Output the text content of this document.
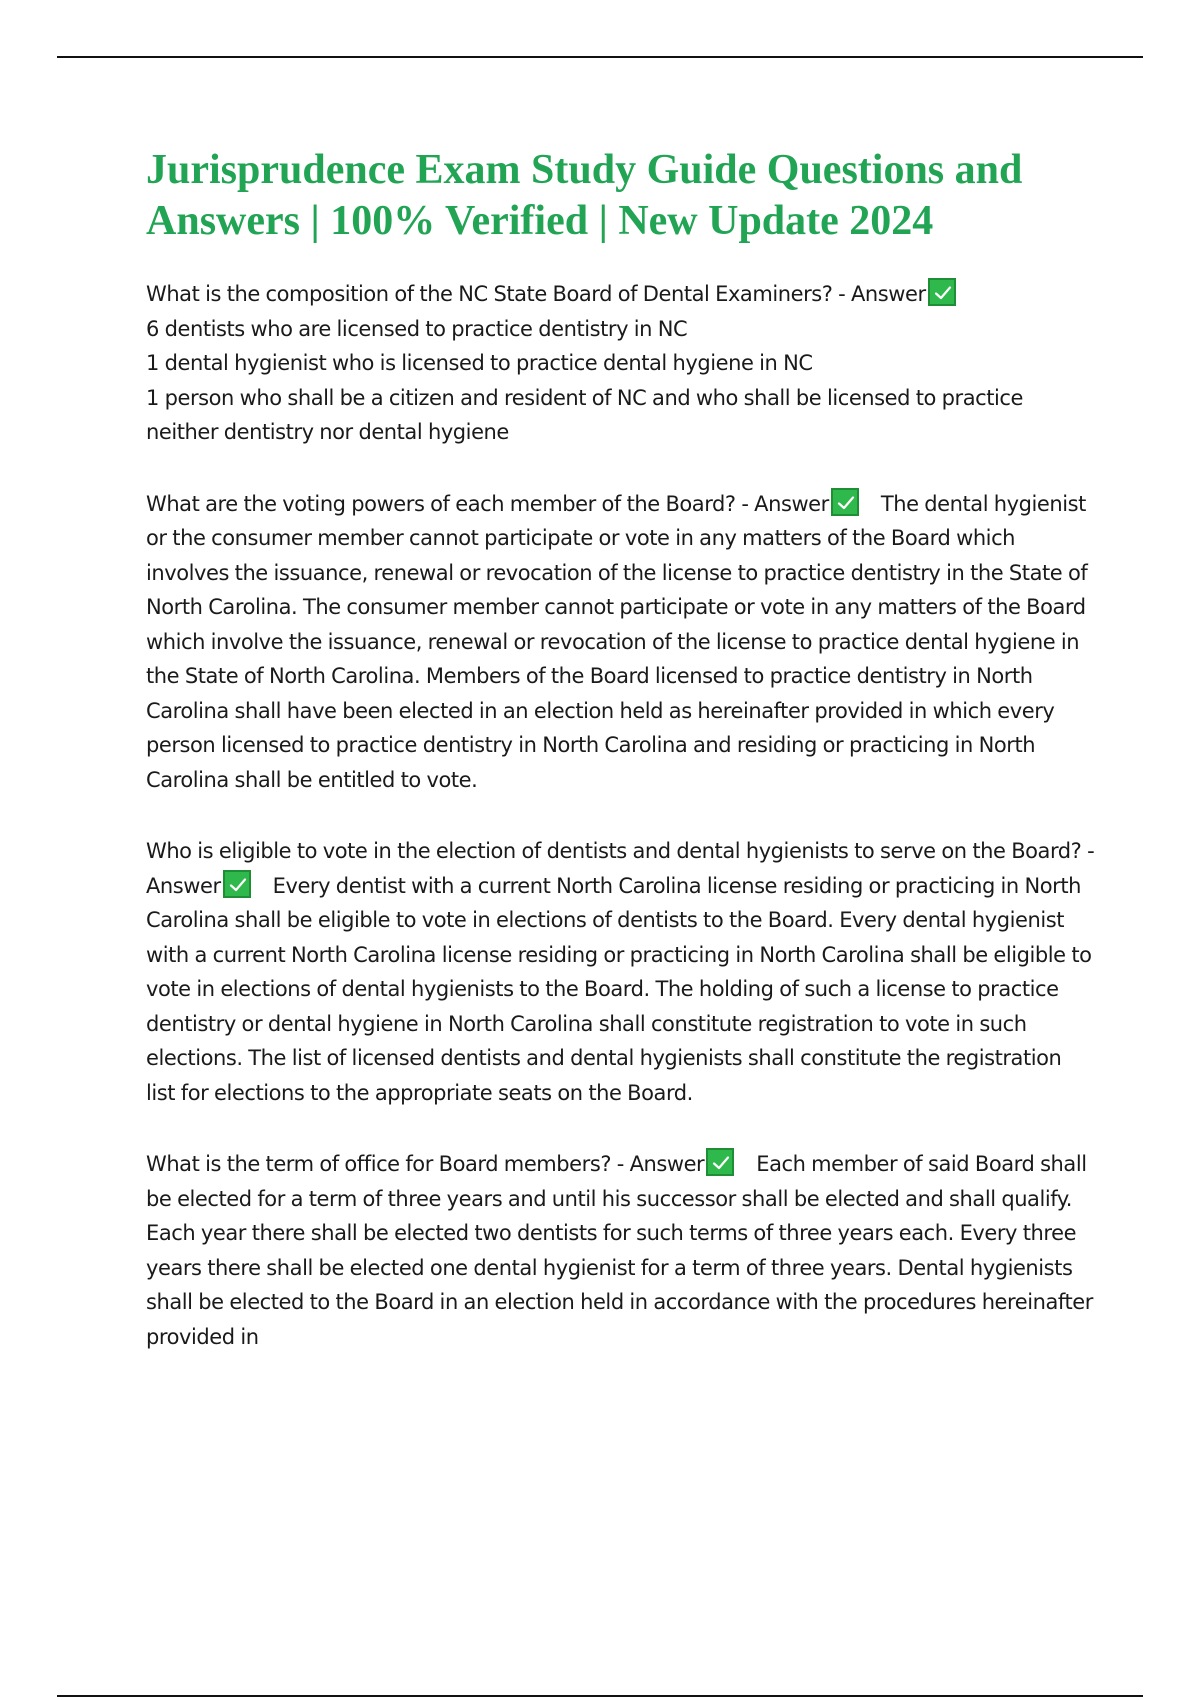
Jurisprudence Exam Study Guide Questions and Answers | 100% Verified | New Update 2024
What is the composition of the NC State Board of Dental Examiners? - Answer
6 dentists who are licensed to practice dentistry in NC
1 dental hygienist who is licensed to practice dental hygiene in NC
1 person who shall be a citizen and resident of NC and who shall be licensed to practice neither dentistry nor dental hygiene
What are the voting powers of each member of the Board? - Answer The dental hygienist or the consumer member cannot participate or vote in any matters of the Board which involves the issuance, renewal or revocation of the license to practice dentistry in the State of North Carolina. The consumer member cannot participate or vote in any matters of the Board which involve the issuance, renewal or revocation of the license to practice dental hygiene in the State of North Carolina. Members of the Board licensed to practice dentistry in North Carolina shall have been elected in an election held as hereinafter provided in which every person licensed to practice dentistry in North Carolina and residing or practicing in North Carolina shall be entitled to vote.
Who is eligible to vote in the election of dentists and dental hygienists to serve on the Board? - Answer Every dentist with a current North Carolina license residing or practicing in North Carolina shall be eligible to vote in elections of dentists to the Board. Every dental hygienist with a current North Carolina license residing or practicing in North Carolina shall be eligible to vote in elections of dental hygienists to the Board. The holding of such a license to practice dentistry or dental hygiene in North Carolina shall constitute registration to vote in such elections. The list of licensed dentists and dental hygienists shall constitute the registration list for elections to the appropriate seats on the Board.
What is the term of office for Board members? - Answer Each member of said Board shall be elected for a term of three years and until his successor shall be elected and shall qualify. Each year there shall be elected two dentists for such terms of three years each. Every three years there shall be elected one dental hygienist for a term of three years. Dental hygienists shall be elected to the Board in an election held in accordance with the procedures hereinafter provided in
